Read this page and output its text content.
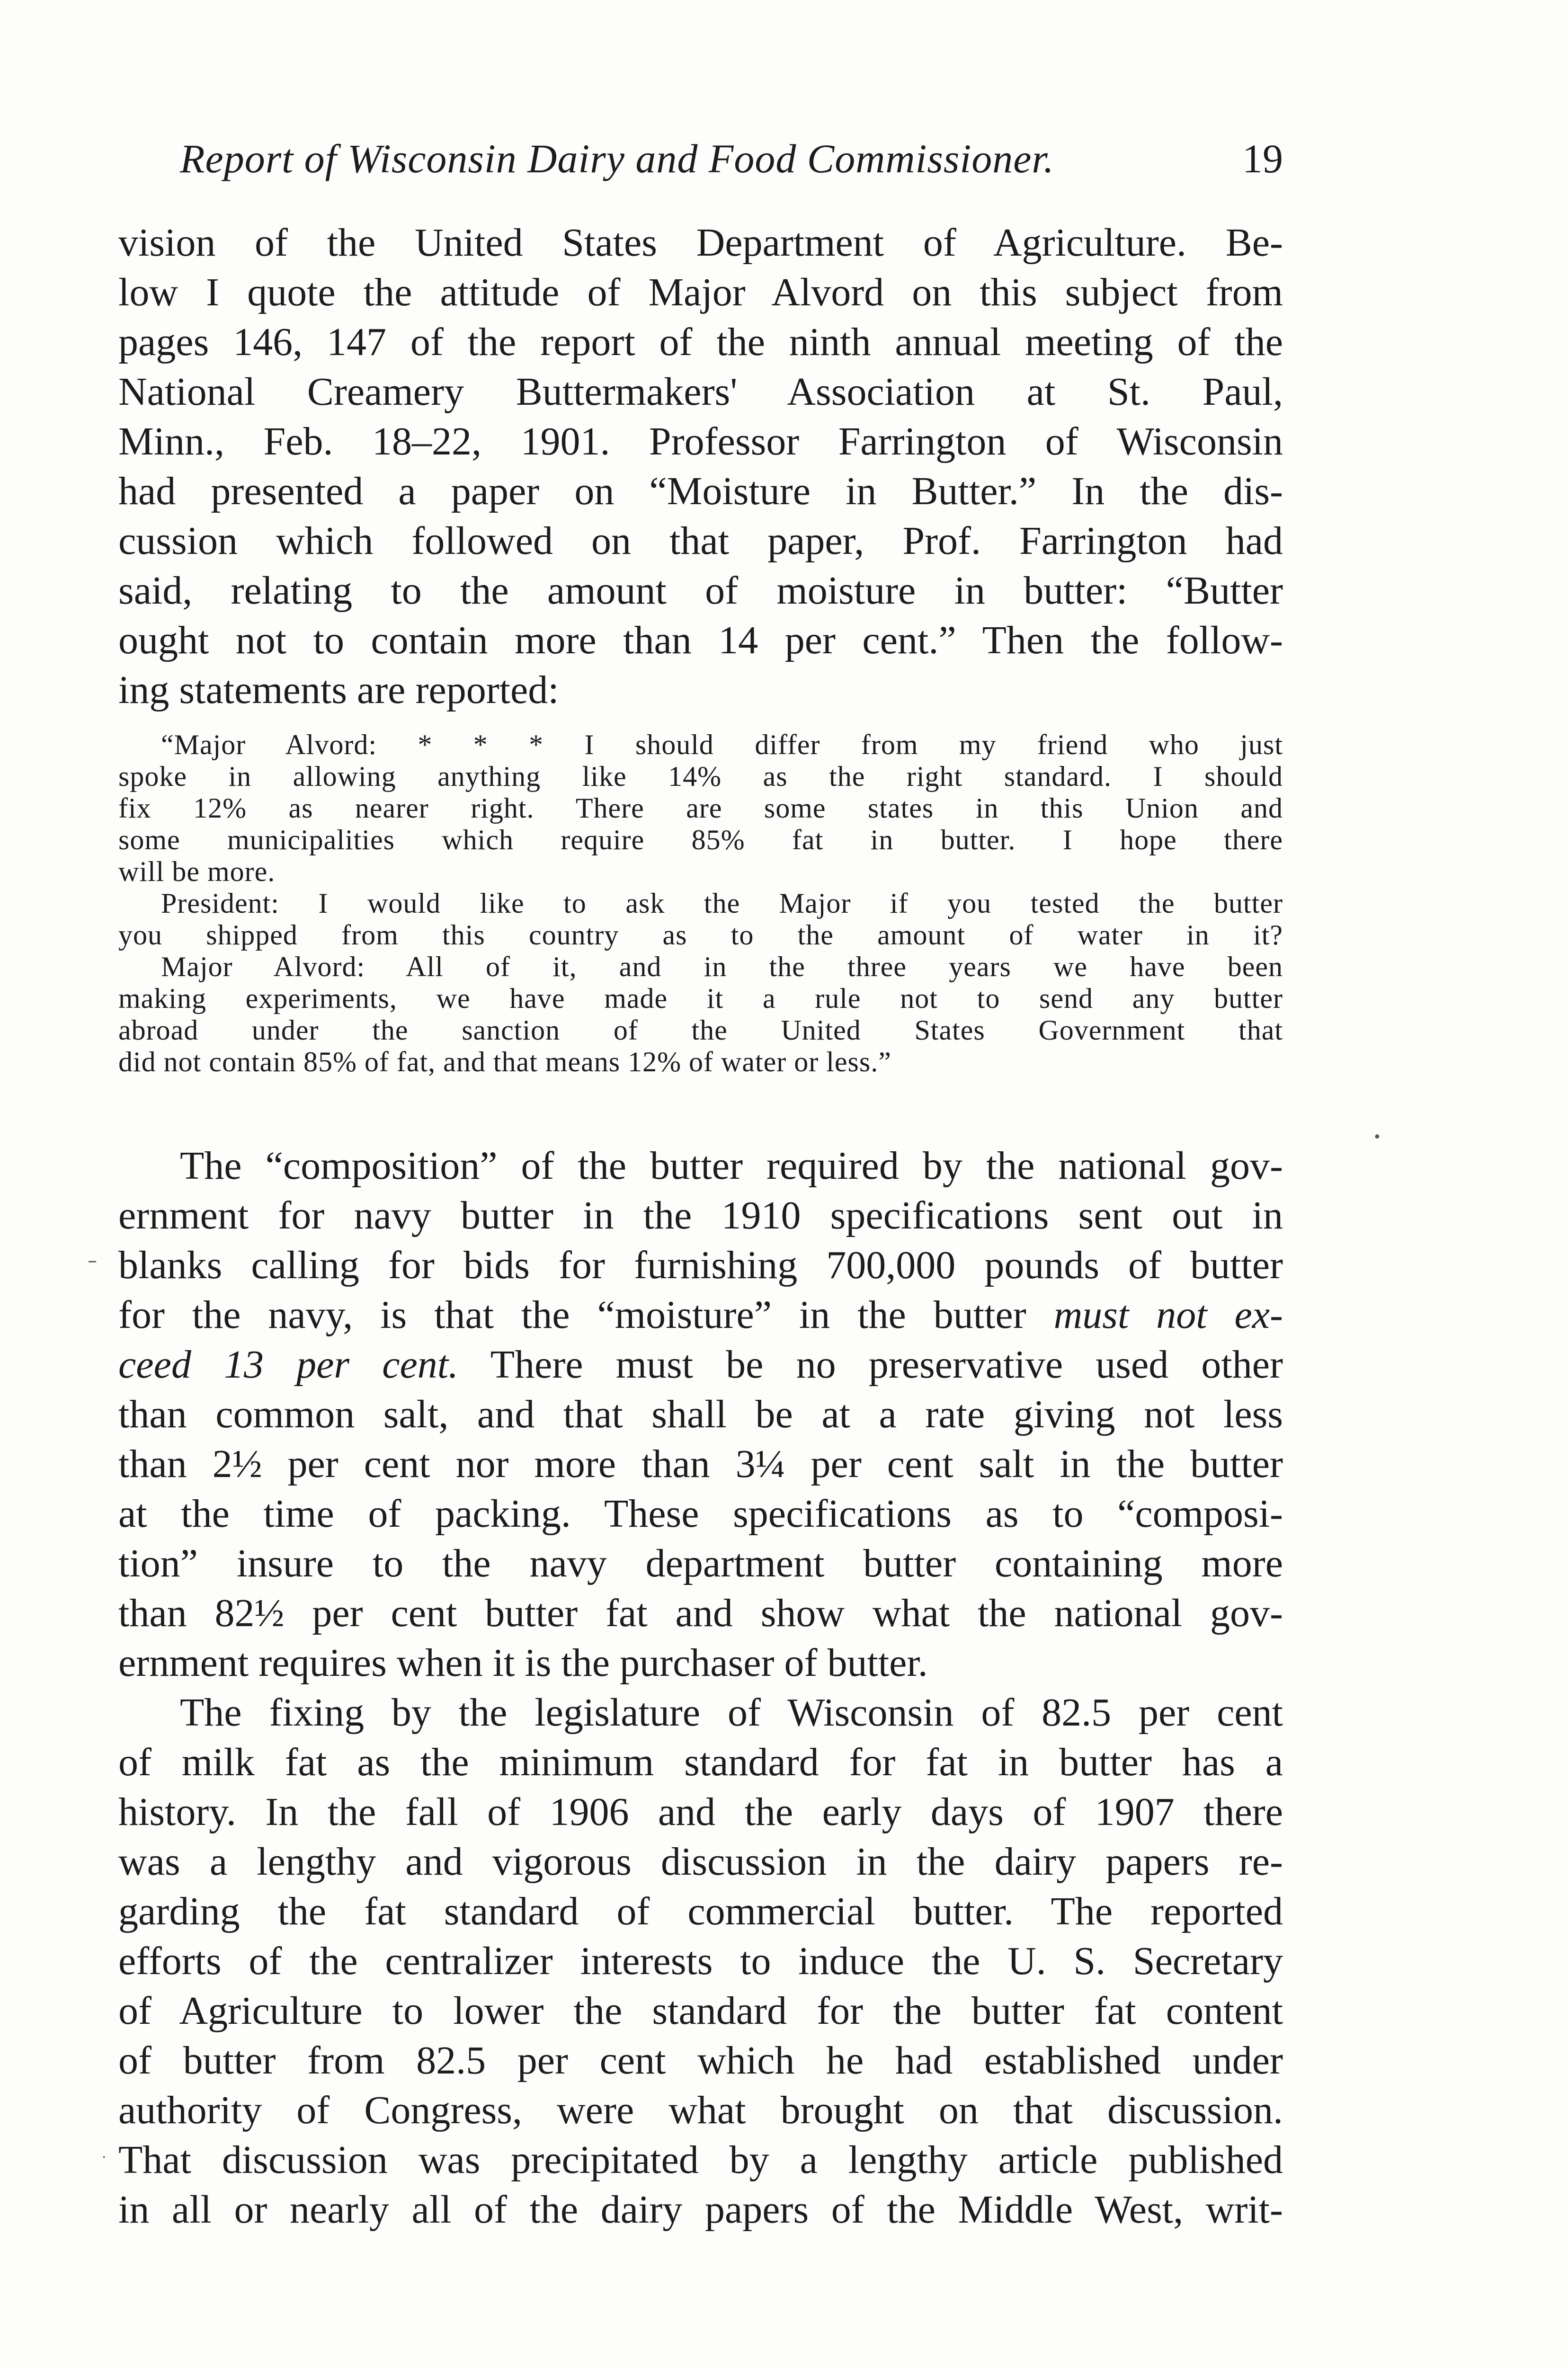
Report of Wisconsin Dairy and Food Commissioner.	19
vision of the United States Department of Agriculture. Be-
low I quote the attitude of Major Alvord on this subject from
pages 146, 147 of the report of the ninth annual meeting of the
National Creamery Buttermakers' Association at St. Paul,
Minn., Feb. 18–22, 1901. Professor Farrington of Wisconsin
had presented a paper on “Moisture in Butter.” In the dis-
cussion which followed on that paper, Prof. Farrington had
said, relating to the amount of moisture in butter: “Butter
ought not to contain more than 14 per cent.” Then the follow-
ing statements are reported:
“Major Alvord: * * * I should differ from my friend who just
spoke in allowing anything like 14% as the right standard. I should
fix 12% as nearer right. There are some states in this Union and
some municipalities which require 85% fat in butter. I hope there
will be more.
President: I would like to ask the Major if you tested the butter
you shipped from this country as to the amount of water in it?
Major Alvord: All of it, and in the three years we have been
making experiments, we have made it a rule not to send any butter
abroad under the sanction of the United States Government that
did not contain 85% of fat, and that means 12% of water or less.”
The “composition” of the butter required by the national gov-
ernment for navy butter in the 1910 specifications sent out in
blanks calling for bids for furnishing 700,000 pounds of butter
for the navy, is that the “moisture” in the butter must not ex-
ceed 13 per cent. There must be no preservative used other
than common salt, and that shall be at a rate giving not less
than 2½ per cent nor more than 3¼ per cent salt in the butter
at the time of packing. These specifications as to “composi-
tion” insure to the navy department butter containing more
than 82½ per cent butter fat and show what the national gov-
ernment requires when it is the purchaser of butter.
The fixing by the legislature of Wisconsin of 82.5 per cent
of milk fat as the minimum standard for fat in butter has a
history. In the fall of 1906 and the early days of 1907 there
was a lengthy and vigorous discussion in the dairy papers re-
garding the fat standard of commercial butter. The reported
efforts of the centralizer interests to induce the U. S. Secretary
of Agriculture to lower the standard for the butter fat content
of butter from 82.5 per cent which he had established under
authority of Congress, were what brought on that discussion.
That discussion was precipitated by a lengthy article published
in all or nearly all of the dairy papers of the Middle West, writ-
–
•
·
